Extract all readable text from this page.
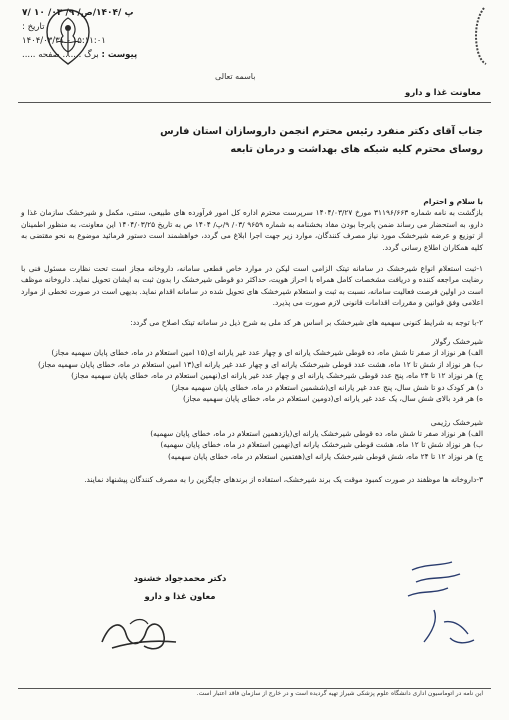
۷/ ۱۰ /۰۳ /۹ /پ /۱۴۰۴/ص
تاریخ :
۱۴۰۴/۰۳/۳۱ - ۱۵:۱۱:۰۱
پیوست : برگ ....... صفحه .....
باسمه تعالی
معاونت غذا و دارو
جناب آقای دکتر منفرد رئیس محترم انجمن داروسازان استان فارس
روسای محترم کلیه شبکه های بهداشت و درمان تابعه

با سلام و احترام

بازگشت به نامه شماره ۳۱۱۹۶/۶۶۳ مورخ ۱۴۰۴/۰۳/۲۷ سرپرست محترم اداره کل امور فرآورده های طبیعی، سنتی، مکمل و شیرخشک سازمان غذا و دارو، به استحضار می رساند ضمن پابرجا بودن مفاد بخشنامه به شماره ۹۶۵۹ /۰۳/ ۹/پ/ ۱۴۰۴ ص به تاریخ ۱۴۰۴/۰۳/۲۵ این معاونت، به منظور اطمینان از توزیع و عرضه شیرخشک مورد نیاز مصرف کنندگان، موارد زیر جهت اجرا ابلاغ می گردد، خواهشمند است دستور فرمائید موضوع به نحو مقتضی به کلیه همکاران اطلاع رسانی گردد.

۱-ثبت استعلام انواع شیرخشک در سامانه تیتک الزامی است لیکن در موارد خاص قطعی سامانه، داروخانه مجاز است تحت نظارت مسئول فنی با رضایت مراجعه کننده و دریافت مشخصات کامل همراه با احراز هویت، حداکثر دو قوطی شیرخشک را بدون ثبت به ایشان تحویل نماید. داروخانه موظف است در اولین فرصت فعالیت سامانه، نسبت به ثبت و استعلام شیرخشک های تحویل شده در سامانه اقدام نماید. بدیهی است در صورت تخطی از موارد اعلامی وفق قوانین و مقررات اقدامات قانونی لازم صورت می پذیرد.

۲-با توجه به شرایط کنونی سهمیه های شیرخشک بر اساس هر کد ملی به شرح ذیل در سامانه تیتک اصلاح می گردد:

شیرخشک رگولار

الف) هر نوزاد از صفر تا شش ماه، ده قوطی شیرخشک یارانه ای و چهار عدد غیر یارانه ای(۱۵ امین استعلام در ماه، خطای پایان سهمیه مجاز)

ب) هر نوزاد از شش تا ۱۲ ماه، هشت عدد قوطی شیرخشک یارانه ای و چهار عدد غیر یارانه ای(۱۳ امین استعلام در ماه، خطای پایان سهمیه مجاز)

ج) هر نوزاد ۱۲ تا ۲۴ ماه، پنج عدد قوطی شیرخشک یارانه ای و چهار عدد غیر یارانه ای(نهمین استعلام در ماه، خطای پایان سهمیه مجاز)

د) هر کودک دو تا شش سال، پنج عدد غیر یارانه ای(ششمین استعلام در ماه، خطای پایان سهمیه مجاز)

ه) هر فرد بالای شش سال، یک عدد غیر یارانه ای(دومین استعلام در ماه، خطای پایان سهمیه مجاز)

شیرخشک رژیمی

الف) هر نوزاد صفر تا شش ماه، ده قوطی شیرخشک یارانه ای(یازدهمین استعلام در ماه، خطای پایان سهمیه)

ب) هر نوزاد شش تا ۱۲ ماه، هشت قوطی شیرخشک یارانه ای(نهمین استعلام در ماه، خطای پایان سهمیه)

ج) هر نوزاد ۱۲ تا ۲۴ ماه، شش قوطی شیرخشک یارانه ای(هفتمین استعلام در ماه، خطای پایان سهمیه)

۳-داروخانه ها موظفند در صورت کمبود موقت یک برند شیرخشک، استفاده از برندهای جایگزین را به مصرف کنندگان پیشنهاد نمایند.

دکتر محمدجواد خشنود
معاون غذا و دارو
این نامه در اتوماسیون اداری دانشگاه علوم پزشکی شیراز تهیه گردیده است و در خارج از سازمان فاقد اعتبار است.
